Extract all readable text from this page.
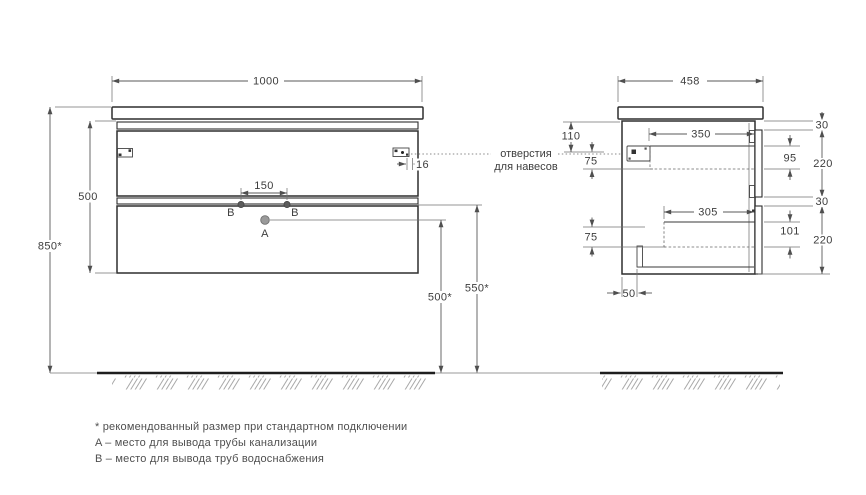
150
B	B
A
1000
500
850*
16
500*
550*
отверстия
для навесов
458
110
75
75
350
305
95
101
30
220
30
220
50
* рекомендованный размер при стандартном подключении
A – место для вывода трубы канализации
B – место для вывода труб водоснабжения
